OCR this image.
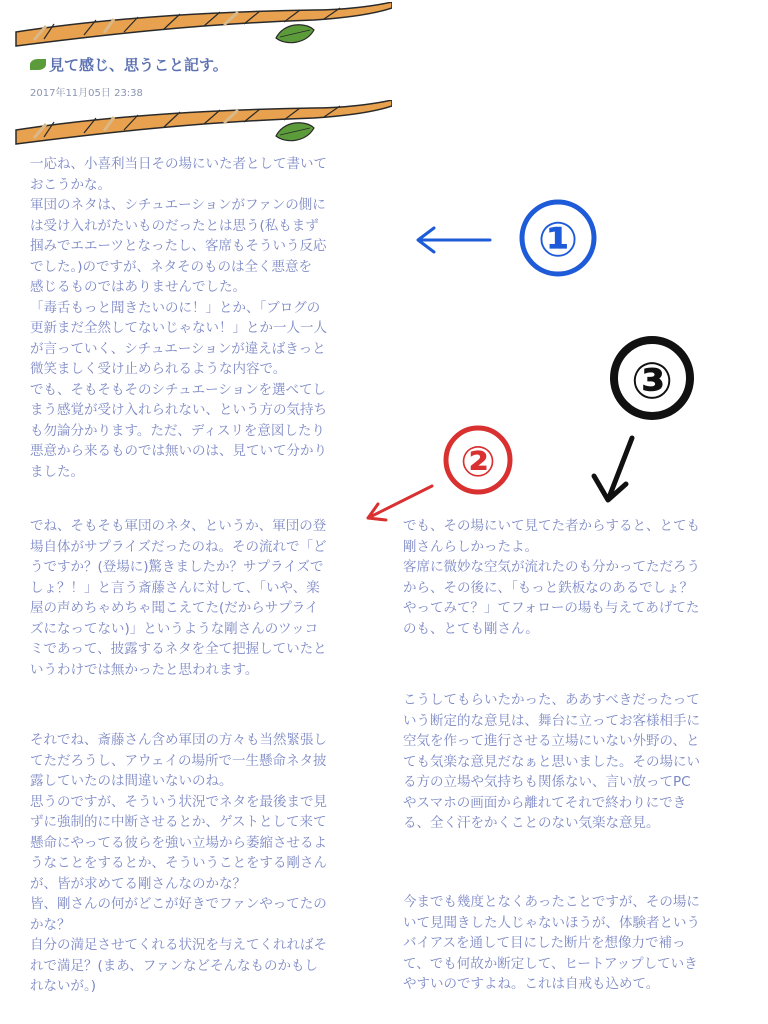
見て感じ、思うこと記す。
2017年11月05日 23:38
一応ね、小喜利当日その場にいた者として書いて
おこうかな。
軍団のネタは、シチュエーションがファンの側に
は受け入れがたいものだったとは思う(私もまず
掴みでエエーツとなったし、客席もそういう反応
でした。)のですが、ネタそのものは全く悪意を
感じるものではありませんでした。
「毒舌もっと聞きたいのに！」とか、「ブログの
更新まだ全然してないじゃない！」とか一人一人
が言っていく、シチュエーションが違えばきっと
微笑ましく受け止められるような内容で。
でも、そもそもそのシチュエーションを選べてし
まう感覚が受け入れられない、という方の気持ち
も勿論分かります。ただ、ディスリを意図したり
悪意から来るものでは無いのは、見ていて分かり
ました。
でね、そもそも軍団のネタ、というか、軍団の登
場自体がサプライズだったのね。その流れで「ど
うですか？(登場に)驚きましたか？サプライズで
しょ？！」と言う斎藤さんに対して、「いや、楽
屋の声めちゃめちゃ聞こえてた(だからサプライ
ズになってない)」というような剛さんのツッコ
ミであって、披露するネタを全て把握していたと
いうわけでは無かったと思われます。
それでね、斎藤さん含め軍団の方々も当然緊張し
てただろうし、アウェイの場所で一生懸命ネタ披
露していたのは間違いないのね。
思うのですが、そういう状況でネタを最後まで見
ずに強制的に中断させるとか、ゲストとして来て
懸命にやってる彼らを強い立場から萎縮させるよ
うなことをするとか、そういうことをする剛さん
が、皆が求めてる剛さんなのかな？
皆、剛さんの何がどこが好きでファンやってたの
かな？
自分の満足させてくれる状況を与えてくれればそ
れで満足？(まあ、ファンなどそんなものかもし
れないが。)
でも、その場にいて見てた者からすると、とても
剛さんらしかったよ。
客席に微妙な空気が流れたのも分かってただろう
から、その後に、「もっと鉄板なのあるでしょ？
やってみて？」てフォローの場も与えてあげてた
のも、とても剛さん。
こうしてもらいたかった、ああすべきだったって
いう断定的な意見は、舞台に立ってお客様相手に
空気を作って進行させる立場にいない外野の、と
ても気楽な意見だなぁと思いました。その場にい
る方の立場や気持ちも関係ない、言い放ってPC
やスマホの画面から離れてそれで終わりにでき
る、全く汗をかくことのない気楽な意見。
今までも幾度となくあったことですが、その場に
いて見聞きした人じゃないほうが、体験者という
バイアスを通して目にした断片を想像力で補っ
て、でも何故か断定して、ヒートアップしていき
やすいのですよね。これは自戒も込めて。
①
②
③
